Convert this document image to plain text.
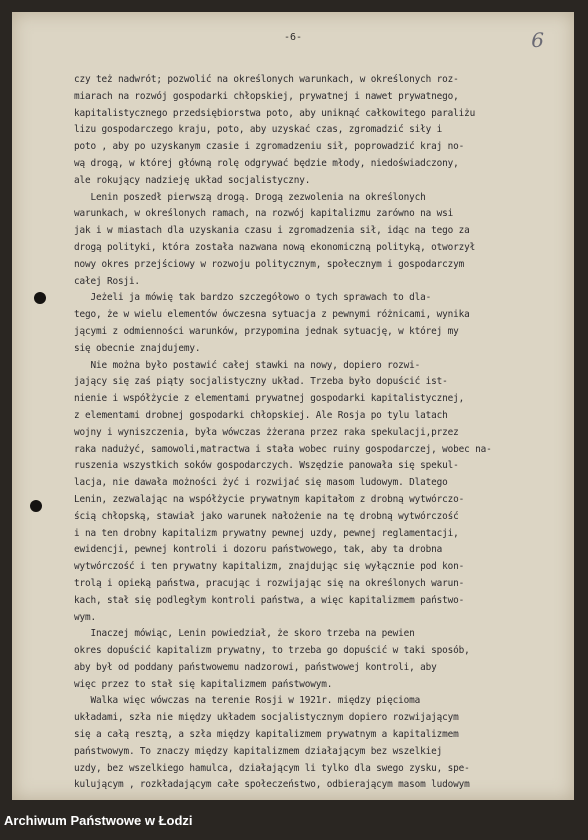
-6-	6
czy też nadwrót; pozwolić na określonych warunkach, w określonych roz-
miarach na rozwój gospodarki chłopskiej, prywatnej i nawet prywatnego,
kapitalistycznego przedsiębiorstwa poto, aby uniknąć całkowitego paraliżu
lizu gospodarczego kraju, poto, aby uzyskać czas, zgromadzić siły i
poto , aby po uzyskanym czasie i zgromadzeniu sił, poprowadzić kraj no-
wą drogą, w której główną rolę odgrywać będzie młody, niedoświadczony,
ale rokujący nadzieję układ socjalistyczny.
Lenin poszedł pierwszą drogą. Drogą zezwolenia na określonych
warunkach, w określonych ramach, na rozwój kapitalizmu zarówno na wsi
jak i w miastach dla uzyskania czasu i zgromadzenia sił, idąc na tego za
drogą polityki, która została nazwana nową ekonomiczną polityką, otworzył
nowy okres przejściowy w rozwoju politycznym, społecznym i gospodarczym
całej Rosji.
Jeżeli ja mówię tak bardzo szczegółowo o tych sprawach to dla-
tego, że w wielu elementów ówczesna sytuacja z pewnymi różnicami, wynika
jącymi z odmienności warunków, przypomina jednak sytuację, w której my
się obecnie znajdujemy.
Nie można było postawić całej stawki na nowy, dopiero rozwi-
jający się zaś piąty socjalistyczny układ. Trzeba było dopuścić ist-
nienie i współżycie z elementami prywatnej gospodarki kapitalistycznej,
z elementami drobnej gospodarki chłopskiej. Ale Rosja po tylu latach
wojny i wyniszczenia, była wówczas żżerana przez raka spekulacji,przez
raka nadużyć, samowoli,matractwa i stała wobec ruiny gospodarczej, wobec na-
ruszenia wszystkich soków gospodarczych. Wszędzie panowała się spekul-
lacja, nie dawała możności żyć i rozwijać się masom ludowym. Dlatego
Lenin, zezwalając na współżycie prywatnym kapitałom z drobną wytwórczo-
ścią chłopską, stawiał jako warunek nałożenie na tę drobną wytwórczość
i na ten drobny kapitalizm prywatny pewnej uzdy, pewnej reglamentacji,
ewidencji, pewnej kontroli i dozoru państwowego, tak, aby ta drobna
wytwórczość i ten prywatny kapitalizm, znajdując się wyłącznie pod kon-
trolą i opieką państwa, pracując i rozwijając się na określonych warun-
kach, stał się podległym kontroli państwa, a więc kapitalizmem państwo-
wym.
Inaczej mówiąc, Lenin powiedział, że skoro trzeba na pewien
okres dopuścić kapitalizm prywatny, to trzeba go dopuścić w taki sposób,
aby był od poddany państwowemu nadzorowi, państwowej kontroli, aby
więc przez to stał się kapitalizmem państwowym.
Walka więc wówczas na terenie Rosji w 1921r. między pięciomа
układami, szła nie między układem socjalistycznym dopiero rozwijającym
się a całą resztą, a szła między kapitalizmem prywatnym a kapitalizmem
państwowym. To znaczy między kapitalizmem działającym bez wszelkiej
uzdy, bez wszelkiego hamulca, działającym li tylko dla swego zysku, spe-
kulującym , rozkładającym całe społeczeństwo, odbierającym masom ludowym
Archiwum Państwowe w Łodzi
